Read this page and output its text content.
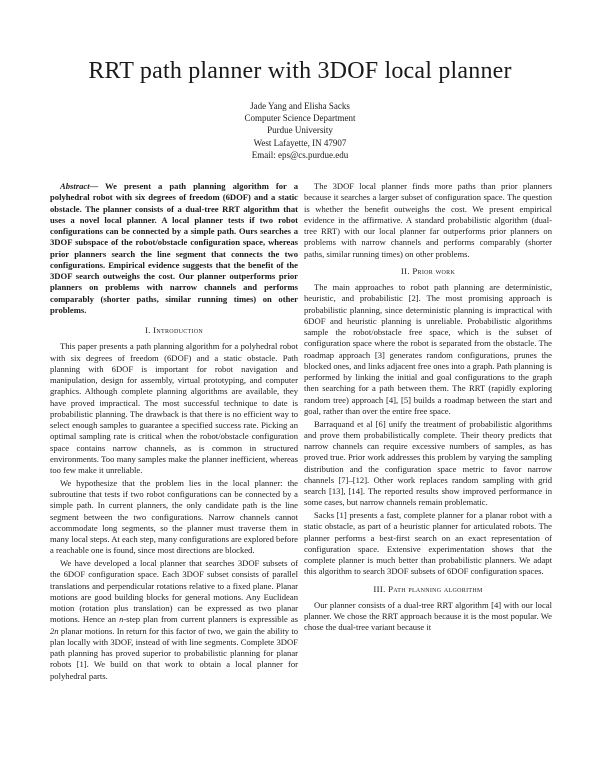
RRT path planner with 3DOF local planner
Jade Yang and Elisha Sacks
Computer Science Department
Purdue University
West Lafayette, IN 47907
Email: eps@cs.purdue.edu
Abstract— We present a path planning algorithm for a polyhedral robot with six degrees of freedom (6DOF) and a static obstacle. The planner consists of a dual-tree RRT algorithm that uses a novel local planner. A local planner tests if two robot configurations can be connected by a simple path. Ours searches a 3DOF subspace of the robot/obstacle configuration space, whereas prior planners search the line segment that connects the two configurations. Empirical evidence suggests that the benefit of the 3DOF search outweighs the cost. Our planner outperforms prior planners on problems with narrow channels and performs comparably (shorter paths, similar running times) on other problems.
I. Introduction
This paper presents a path planning algorithm for a polyhedral robot with six degrees of freedom (6DOF) and a static obstacle. Path planning with 6DOF is important for robot navigation and manipulation, design for assembly, virtual prototyping, and computer graphics. Although complete planning algorithms are available, they have proved impractical. The most successful technique to date is probabilistic planning. The drawback is that there is no efficient way to select enough samples to guarantee a specified success rate. Picking an optimal sampling rate is critical when the robot/obstacle configuration space contains narrow channels, as is common in structured environments. Too many samples make the planner inefficient, whereas too few make it unreliable.
We hypothesize that the problem lies in the local planner: the subroutine that tests if two robot configurations can be connected by a simple path. In current planners, the only candidate path is the line segment between the two configurations. Narrow channels cannot accommodate long segments, so the planner must traverse them in many local steps. At each step, many configurations are explored before a reachable one is found, since most directions are blocked.
We have developed a local planner that searches 3DOF subsets of the 6DOF configuration space. Each 3DOF subset consists of parallel translations and perpendicular rotations relative to a fixed plane. Planar motions are good building blocks for general motions. Any Euclidean motion (rotation plus translation) can be expressed as two planar motions. Hence an n-step plan from current planners is expressible as 2n planar motions. In return for this factor of two, we gain the ability to plan locally with 3DOF, instead of with line segments. Complete 3DOF path planning has proved superior to probabilistic planning for planar robots [1]. We build on that work to obtain a local planner for polyhedral parts.
The 3DOF local planner finds more paths than prior planners because it searches a larger subset of configuration space. The question is whether the benefit outweighs the cost. We present empirical evidence in the affirmative. A standard probabilistic algorithm (dual-tree RRT) with our local planner far outperforms prior planners on problems with narrow channels and performs comparably (shorter paths, similar running times) on other problems.
II. Prior work
The main approaches to robot path planning are deterministic, heuristic, and probabilistic [2]. The most promising approach is probabilistic planning, since deterministic planning is impractical with 6DOF and heuristic planning is unreliable. Probabilistic algorithms sample the robot/obstacle free space, which is the subset of configuration space where the robot is separated from the obstacle. The roadmap approach [3] generates random configurations, prunes the blocked ones, and links adjacent free ones into a graph. Path planning is performed by linking the initial and goal configurations to the graph then searching for a path between them. The RRT (rapidly exploring random tree) approach [4], [5] builds a roadmap between the start and goal, rather than over the entire free space.
Barraquand et al [6] unify the treatment of probabilistic algorithms and prove them probabilistically complete. Their theory predicts that narrow channels can require excessive numbers of samples, as has proved true. Prior work addresses this problem by varying the sampling distribution and the configuration space metric to favor narrow channels [7]–[12]. Other work replaces random sampling with grid search [13], [14]. The reported results show improved performance in some cases, but narrow channels remain problematic.
Sacks [1] presents a fast, complete planner for a planar robot with a static obstacle, as part of a heuristic planner for articulated robots. The planner performs a best-first search on an exact representation of configuration space. Extensive experimentation shows that the complete planner is much better than probabilistic planners. We adapt this algorithm to search 3DOF subsets of 6DOF configuration spaces.
III. Path planning algorithm
Our planner consists of a dual-tree RRT algorithm [4] with our local planner. We chose the RRT approach because it is the most popular. We chose the dual-tree variant because it
